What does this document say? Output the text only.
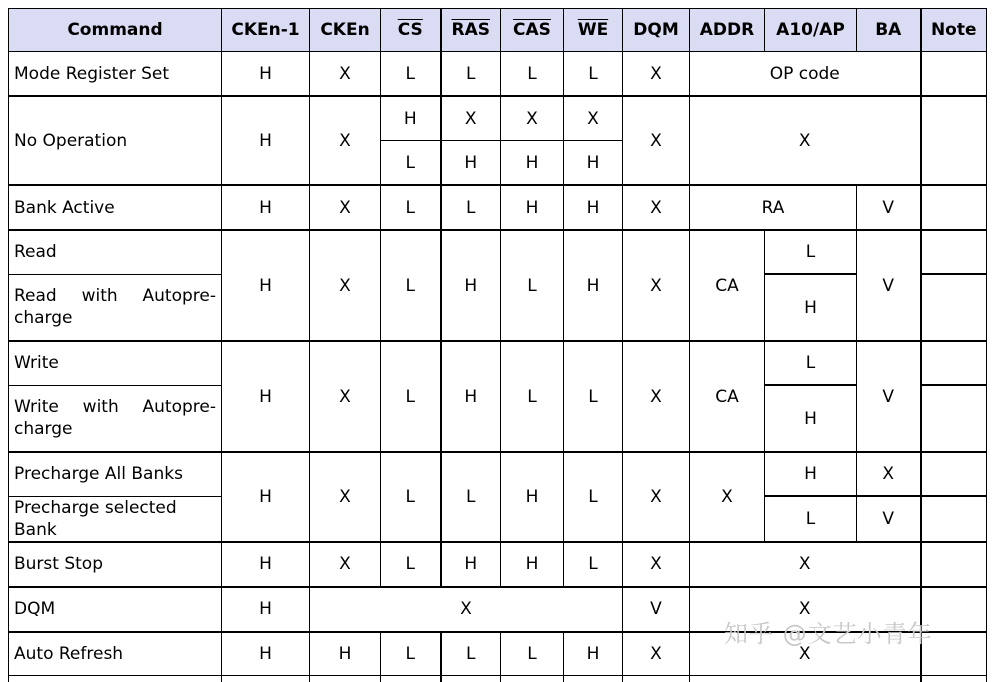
Command	CKEn-1	CKEn	$\overline{CS}$	$\overline{RAS}$	$\overline{CAS}$	$\overline{WE}$	DQM	ADDR	A10/AP	BA	Note
Mode Register Set	H	X	L	L	L	L	X	OP code			
No Operation	H	X	H	X	X	X	X	X			
			L	H	H	H					
Bank Active	H	X	L	L	H	H	X	RA		V	
Read	H	X	L	H	L	H	X	CA	L	V	
Read with Autopre-charge									H		
Write	H	X	L	H	L	L	X	CA	L	V	
Write with Autopre-charge									H		
Precharge All Banks	H	X	L	L	H	L	X	X	H	X	
Precharge selected Bank									L	V	
Burst Stop	H	X	L	H	H	L	X	X			
DQM	H	X					V	X			
Auto Refresh	H	H	L	L	L	H	X	X			

知乎 @文艺小青年
